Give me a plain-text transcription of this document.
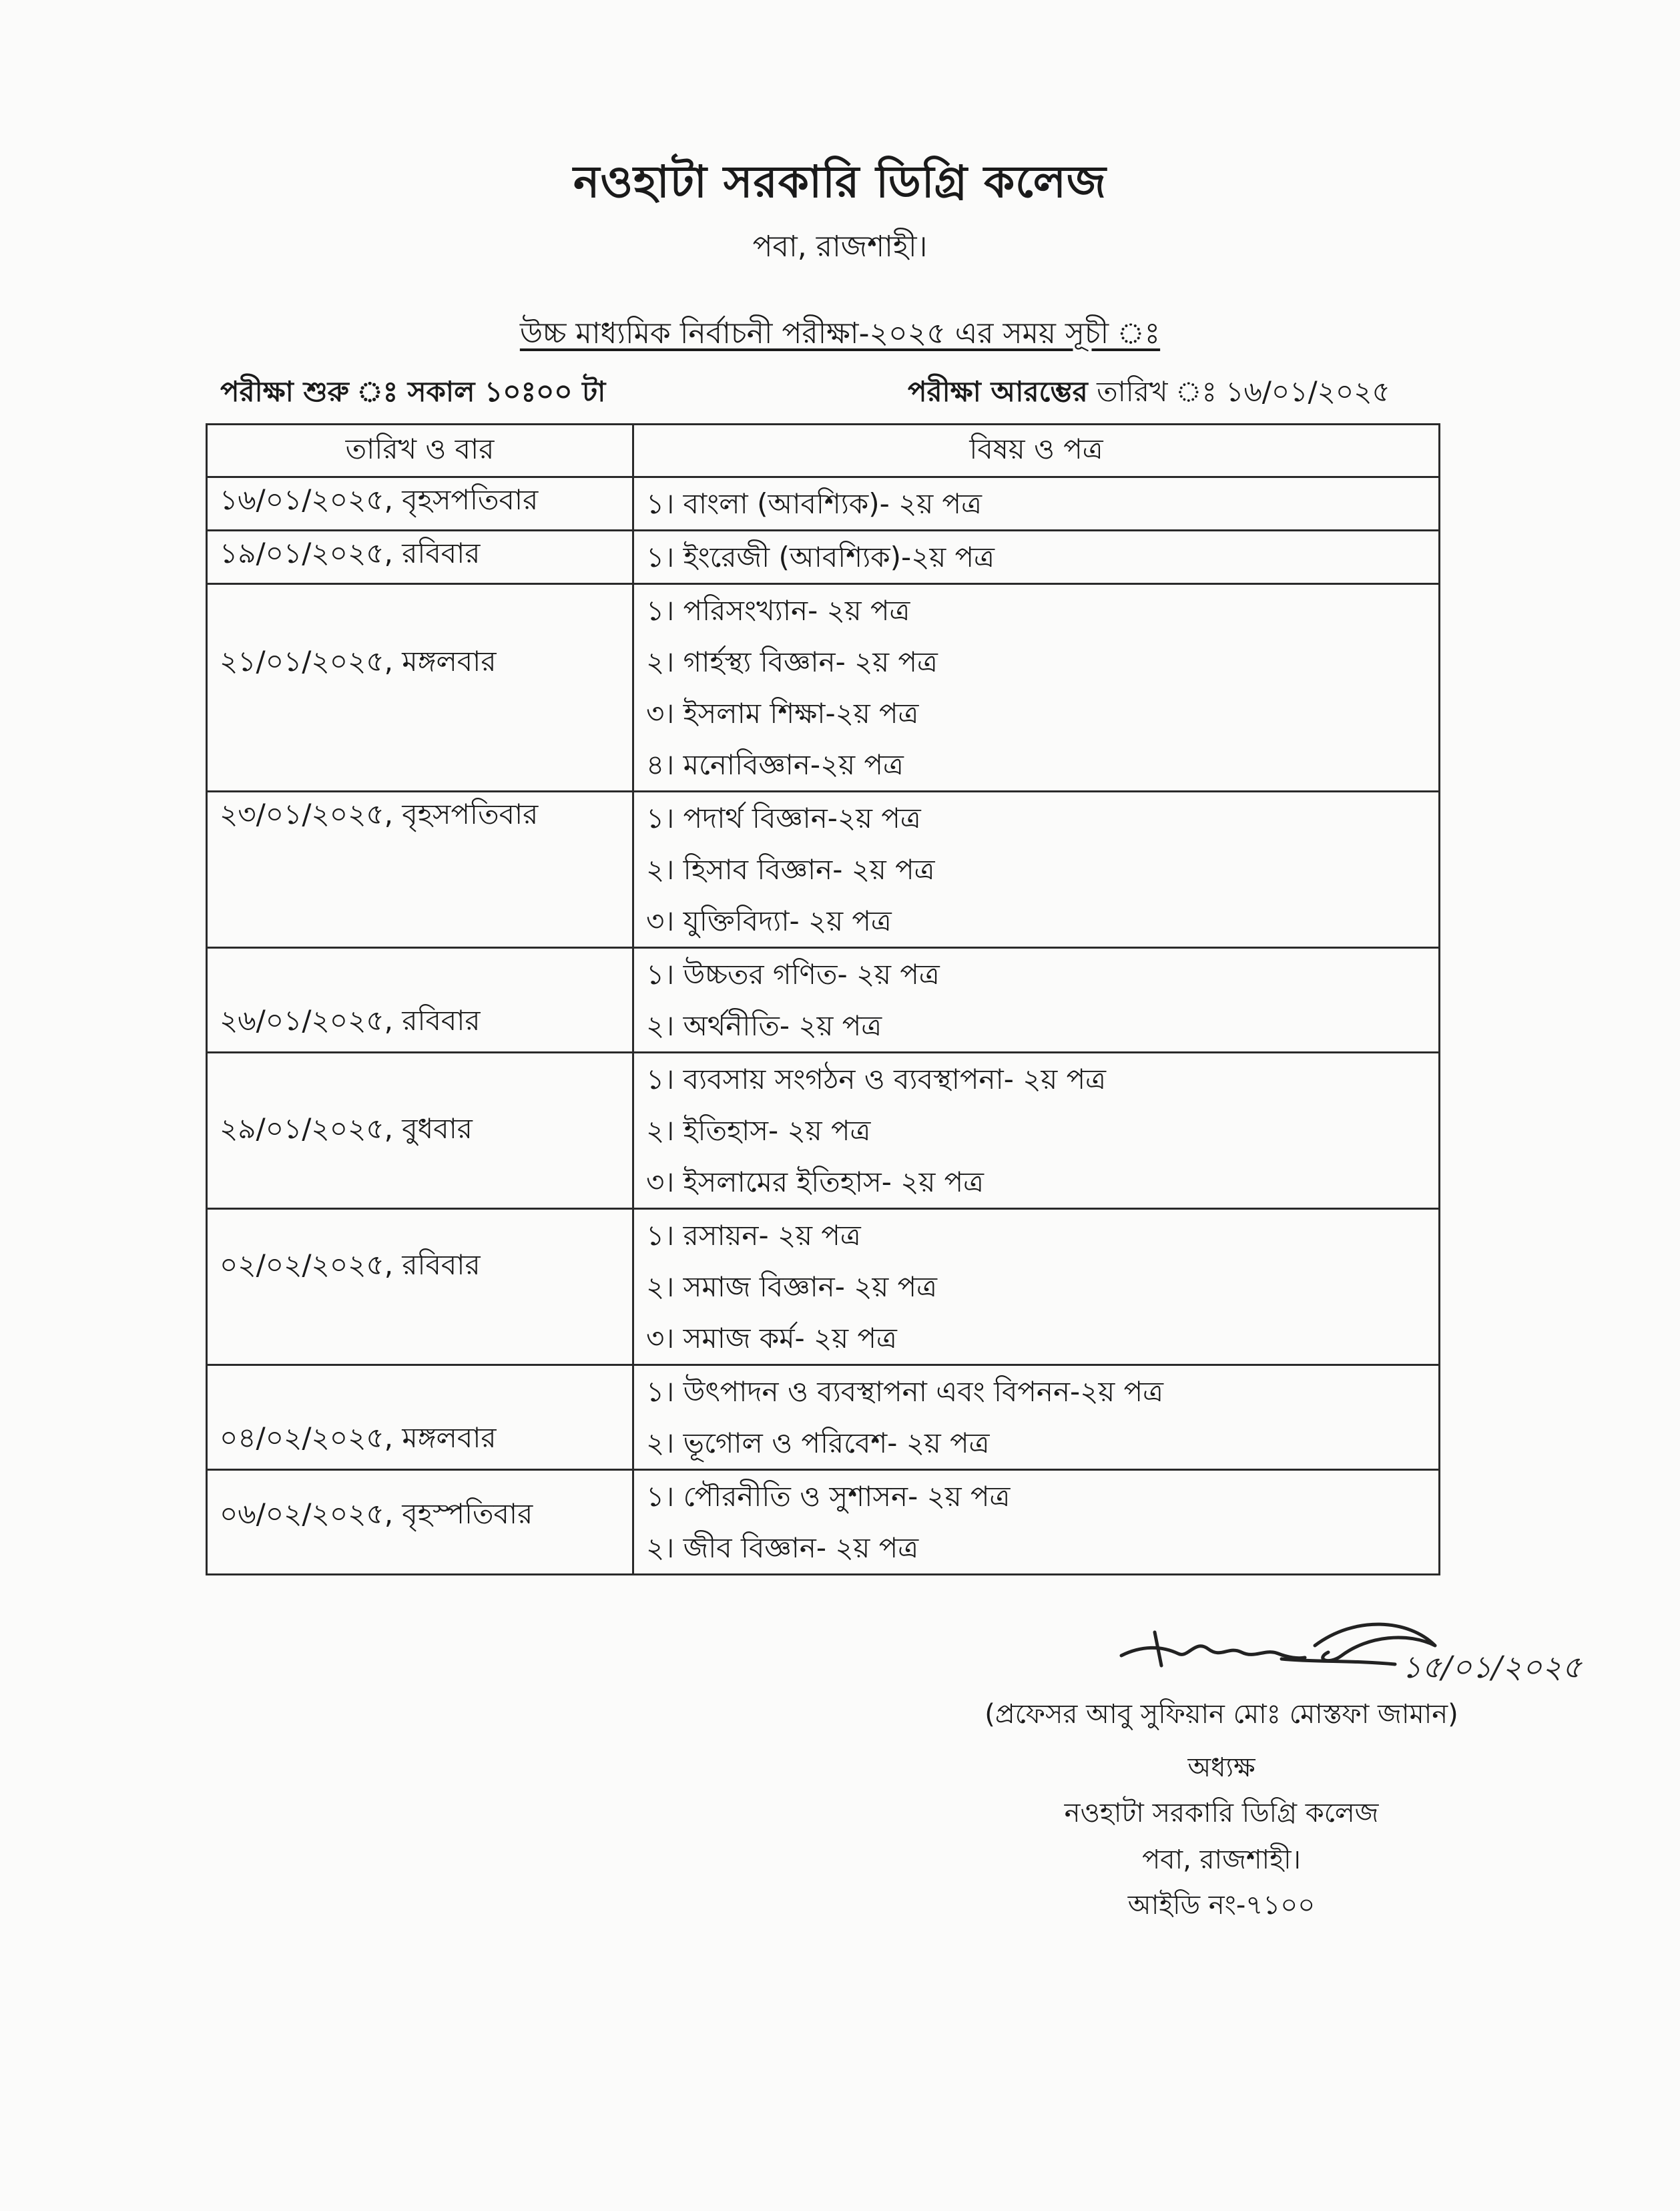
নওহাটা সরকারি ডিগ্রি কলেজ
পবা, রাজশাহী।
উচ্চ মাধ্যমিক নির্বাচনী পরীক্ষা-২০২৫ এর সময় সূচী ঃ
পরীক্ষা শুরু ঃ সকাল ১০ঃ০০ টা	পরীক্ষা আরম্ভের তারিখ ঃ ১৬/০১/২০২৫
তারিখ ও বার	বিষয় ও পত্র
১৬/০১/২০২৫, বৃহসপতিবার	১। বাংলা (আবশ্যিক)- ২য় পত্র

১৯/০১/২০২৫, রবিবার	১। ইংরেজী (আবশ্যিক)-২য় পত্র

২১/০১/২০২৫, মঙ্গলবার	১। পরিসংখ্যান- ২য় পত্র
২। গার্হস্থ্য বিজ্ঞান- ২য় পত্র
৩। ইসলাম শিক্ষা-২য় পত্র
৪। মনোবিজ্ঞান-২য় পত্র

২৩/০১/২০২৫, বৃহসপতিবার	১। পদার্থ বিজ্ঞান-২য় পত্র
২। হিসাব বিজ্ঞান- ২য় পত্র
৩। যুক্তিবিদ্যা- ২য় পত্র

২৬/০১/২০২৫, রবিবার	১। উচ্চতর গণিত- ২য় পত্র
২। অর্থনীতি- ২য় পত্র

২৯/০১/২০২৫, বুধবার	১। ব্যবসায় সংগঠন ও ব্যবস্থাপনা- ২য় পত্র
২। ইতিহাস- ২য় পত্র
৩। ইসলামের ইতিহাস- ২য় পত্র

০২/০২/২০২৫, রবিবার	১। রসায়ন- ২য় পত্র
২। সমাজ বিজ্ঞান- ২য় পত্র
৩। সমাজ কর্ম- ২য় পত্র

০৪/০২/২০২৫, মঙ্গলবার	১। উৎপাদন ও ব্যবস্থাপনা এবং বিপনন-২য় পত্র
২। ভূগোল ও পরিবেশ- ২য় পত্র

০৬/০২/২০২৫, বৃহস্পতিবার	১। পৌরনীতি ও সুশাসন- ২য় পত্র
২। জীব বিজ্ঞান- ২য় পত্র
১৫/০১/২০২৫
(প্রফেসর আবু সুফিয়ান মোঃ মোস্তফা জামান)
অধ্যক্ষ
নওহাটা সরকারি ডিগ্রি কলেজ
পবা, রাজশাহী।
আইডি নং-৭১০০
